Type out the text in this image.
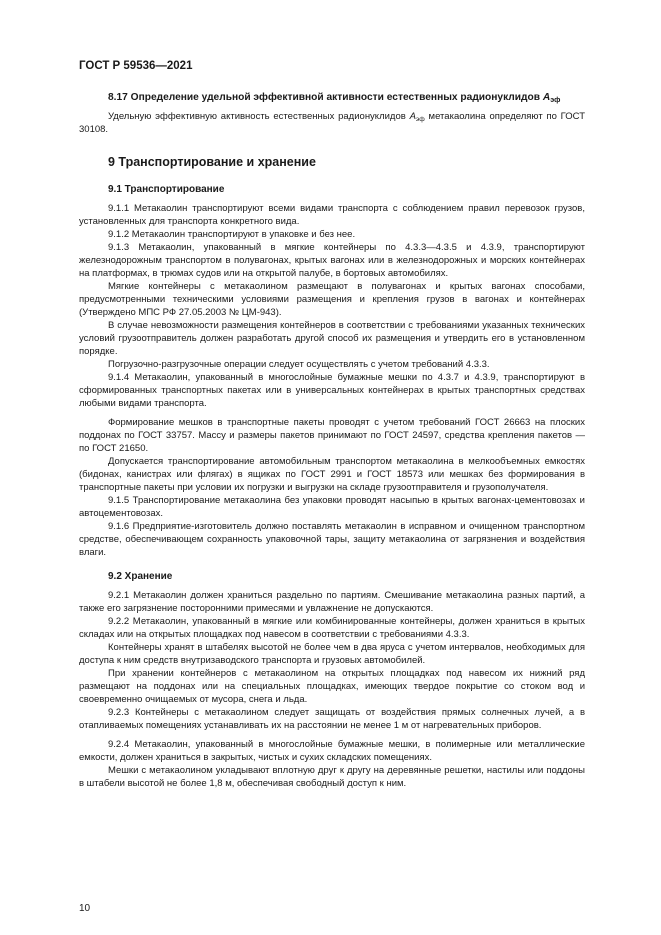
ГОСТ Р 59536—2021
8.17 Определение удельной эффективной активности естественных радионуклидов $А_{эф}$

Удельную эффективную активность естественных радионуклидов $А_{эф}$ метакаолина определяют по ГОСТ 30108.

9 Транспортирование и хранение
9.1 Транспортирование

9.1.1 Метакаолин транспортируют всеми видами транспорта с соблюдением правил перевозок грузов, установленных для транспорта конкретного вида.

9.1.2 Метакаолин транспортируют в упаковке и без нее.

9.1.3 Метакаолин, упакованный в мягкие контейнеры по 4.3.3—4.3.5 и 4.3.9, транспортируют железнодорожным транспортом в полувагонах, крытых вагонах или в железнодорожных и морских контейнерах на платформах, в трюмах судов или на открытой палубе, в бортовых автомобилях.

Мягкие контейнеры с метакаолином размещают в полувагонах и крытых вагонах способами, предусмотренными техническими условиями размещения и крепления грузов в вагонах и контейнерах (Утверждено МПС РФ 27.05.2003 № ЦМ-943).

В случае невозможности размещения контейнеров в соответствии с требованиями указанных технических условий грузоотправитель должен разработать другой способ их размещения и утвердить его в установленном порядке.

Погрузочно-разгрузочные операции следует осуществлять с учетом требований 4.3.3.

9.1.4 Метакаолин, упакованный в многослойные бумажные мешки по 4.3.7 и 4.3.9, транспортируют в сформированных транспортных пакетах или в универсальных контейнерах в крытых транспортных средствах любыми видами транспорта.

Формирование мешков в транспортные пакеты проводят с учетом требований ГОСТ 26663 на плоских поддонах по ГОСТ 33757. Массу и размеры пакетов принимают по ГОСТ 24597, средства крепления пакетов — по ГОСТ 21650.

Допускается транспортирование автомобильным транспортом метакаолина в мелкообъемных емкостях (бидонах, канистрах или флягах) в ящиках по ГОСТ 2991 и ГОСТ 18573 или мешках без формирования в транспортные пакеты при условии их погрузки и выгрузки на складе грузоотправителя и грузополучателя.

9.1.5 Транспортирование метакаолина без упаковки проводят насыпью в крытых вагонах-цементовозах и автоцементовозах.

9.1.6 Предприятие-изготовитель должно поставлять метакаолин в исправном и очищенном транспортном средстве, обеспечивающем сохранность упаковочной тары, защиту метакаолина от загрязнения и воздействия влаги.

9.2 Хранение

9.2.1 Метакаолин должен храниться раздельно по партиям. Смешивание метакаолина разных партий, а также его загрязнение посторонними примесями и увлажнение не допускаются.

9.2.2 Метакаолин, упакованный в мягкие или комбинированные контейнеры, должен храниться в крытых складах или на открытых площадках под навесом в соответствии с требованиями 4.3.3.

Контейнеры хранят в штабелях высотой не более чем в два яруса с учетом интервалов, необходимых для доступа к ним средств внутризаводского транспорта и грузовых автомобилей.

При хранении контейнеров с метакаолином на открытых площадках под навесом их нижний ряд размещают на поддонах или на специальных площадках, имеющих твердое покрытие со стоком вод и своевременно очищаемых от мусора, снега и льда.

9.2.3 Контейнеры с метакаолином следует защищать от воздействия прямых солнечных лучей, а в отапливаемых помещениях устанавливать их на расстоянии не менее 1 м от нагревательных приборов.

9.2.4 Метакаолин, упакованный в многослойные бумажные мешки, в полимерные или металлические емкости, должен храниться в закрытых, чистых и сухих складских помещениях.

Мешки с метакаолином укладывают вплотную друг к другу на деревянные решетки, настилы или поддоны в штабели высотой не более 1,8 м, обеспечивая свободный доступ к ним.

10
